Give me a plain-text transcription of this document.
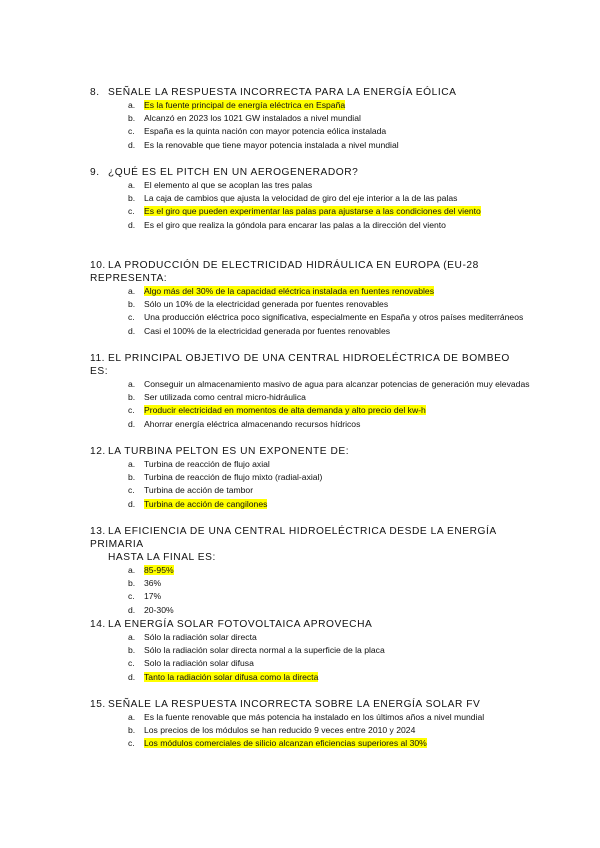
8. SEÑALE LA RESPUESTA INCORRECTA PARA LA ENERGÍA EÓLICA

a.	Es la fuente principal de energía eléctrica en España
b.	Alcanzó en 2023 los 1021 GW instalados a nivel mundial
c.	España es la quinta nación con mayor potencia eólica instalada
d.	Es la renovable que tiene mayor potencia instalada a nivel mundial

9. ¿QUÉ ES EL PITCH EN UN AEROGENERADOR?

a.	El elemento al que se acoplan las tres palas
b.	La caja de cambios que ajusta la velocidad de giro del eje interior a la de las palas
c.	Es el giro que pueden experimentar las palas para ajustarse a las condiciones del viento
d.	Es el giro que realiza la góndola para encarar las palas a la dirección del viento

10. LA PRODUCCIÓN DE ELECTRICIDAD HIDRÁULICA EN EUROPA (EU-28 REPRESENTA:

a.	Algo más del 30% de la capacidad eléctrica instalada en fuentes renovables
b.	Sólo un 10% de la electricidad generada por fuentes renovables
c.	Una producción eléctrica poco significativa, especialmente en España y otros países mediterráneos
d.	Casi el 100% de la electricidad generada por fuentes renovables

11. EL PRINCIPAL OBJETIVO DE UNA CENTRAL HIDROELÉCTRICA DE BOMBEO ES:

a.	Conseguir un almacenamiento masivo de agua para alcanzar potencias de generación muy elevadas
b.	Ser utilizada como central micro-hidráulica
c.	Producir electricidad en momentos de alta demanda y alto precio del kw-h
d.	Ahorrar energía eléctrica almacenando recursos hídricos

12. LA TURBINA PELTON ES UN EXPONENTE DE:

a.	Turbina de reacción de flujo axial
b.	Turbina de reacción de flujo mixto (radial-axial)
c.	Turbina de acción de tambor
d.	Turbina de acción de cangilones

13. LA EFICIENCIA DE UNA CENTRAL HIDROELÉCTRICA DESDE LA ENERGÍA PRIMARIA
HASTA LA FINAL ES:

a.	85-95%
b.	36%
c.	17%
d.	20-30%

14. LA ENERGÍA SOLAR FOTOVOLTAICA APROVECHA

a.	Sólo la radiación solar directa
b.	Sólo la radiación solar directa normal a la superficie de la placa
c.	Solo la radiación solar difusa
d.	Tanto la radiación solar difusa como la directa

15. SEÑALE LA RESPUESTA INCORRECTA SOBRE LA ENERGÍA SOLAR FV

a.	Es la fuente renovable que más potencia ha instalado en los últimos años a nivel mundial
b.	Los precios de los módulos se han reducido 9 veces entre 2010 y 2024
c.	Los módulos comerciales de silicio alcanzan eficiencias superiores al 30%
